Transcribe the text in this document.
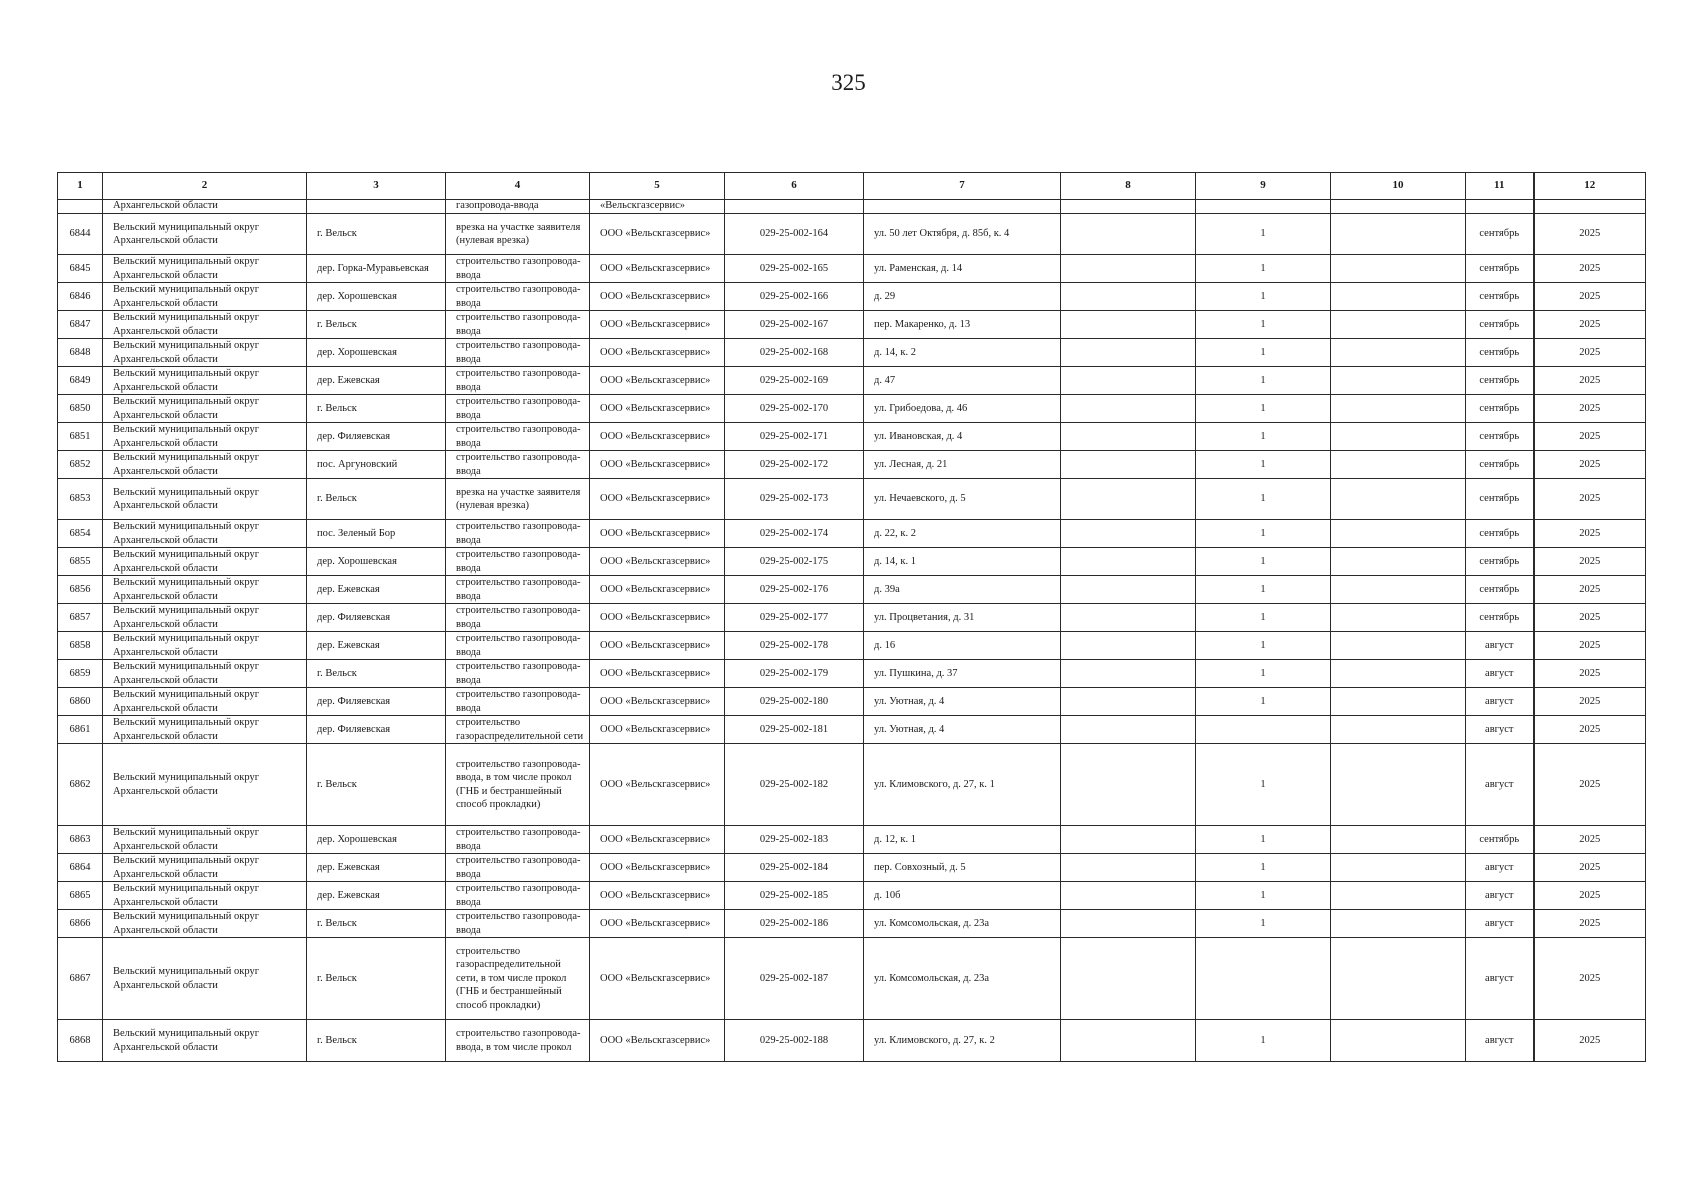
325
1	2	3	4	5	6	7	8	9	10	11	12
	Архангельской области		газопровода-ввода	«Вельскгазсервис»							
6844	Вельский муниципальный округ Архангельской области	г. Вельск	врезка на участке заявителя (нулевая врезка)	ООО «Вельскгазсервис»	029-25-002-164	ул. 50 лет Октября, д. 85б, к. 4		1		сентябрь	2025
6845	Вельский муниципальный округ Архангельской области	дер. Горка-Муравьевская	строительство газопровода-ввода	ООО «Вельскгазсервис»	029-25-002-165	ул. Раменская, д. 14		1		сентябрь	2025
6846	Вельский муниципальный округ Архангельской области	дер. Хорошевская	строительство газопровода-ввода	ООО «Вельскгазсервис»	029-25-002-166	д. 29		1		сентябрь	2025
6847	Вельский муниципальный округ Архангельской области	г. Вельск	строительство газопровода-ввода	ООО «Вельскгазсервис»	029-25-002-167	пер. Макаренко, д. 13		1		сентябрь	2025
6848	Вельский муниципальный округ Архангельской области	дер. Хорошевская	строительство газопровода-ввода	ООО «Вельскгазсервис»	029-25-002-168	д. 14, к. 2		1		сентябрь	2025
6849	Вельский муниципальный округ Архангельской области	дер. Ежевская	строительство газопровода-ввода	ООО «Вельскгазсервис»	029-25-002-169	д. 47		1		сентябрь	2025
6850	Вельский муниципальный округ Архангельской области	г. Вельск	строительство газопровода-ввода	ООО «Вельскгазсервис»	029-25-002-170	ул. Грибоедова, д. 46		1		сентябрь	2025
6851	Вельский муниципальный округ Архангельской области	дер. Филяевская	строительство газопровода-ввода	ООО «Вельскгазсервис»	029-25-002-171	ул. Ивановская, д. 4		1		сентябрь	2025
6852	Вельский муниципальный округ Архангельской области	пос. Аргуновский	строительство газопровода-ввода	ООО «Вельскгазсервис»	029-25-002-172	ул. Лесная, д. 21		1		сентябрь	2025
6853	Вельский муниципальный округ Архангельской области	г. Вельск	врезка на участке заявителя (нулевая врезка)	ООО «Вельскгазсервис»	029-25-002-173	ул. Нечаевского, д. 5		1		сентябрь	2025
6854	Вельский муниципальный округ Архангельской области	пос. Зеленый Бор	строительство газопровода-ввода	ООО «Вельскгазсервис»	029-25-002-174	д. 22, к. 2		1		сентябрь	2025
6855	Вельский муниципальный округ Архангельской области	дер. Хорошевская	строительство газопровода-ввода	ООО «Вельскгазсервис»	029-25-002-175	д. 14, к. 1		1		сентябрь	2025
6856	Вельский муниципальный округ Архангельской области	дер. Ежевская	строительство газопровода-ввода	ООО «Вельскгазсервис»	029-25-002-176	д. 39а		1		сентябрь	2025
6857	Вельский муниципальный округ Архангельской области	дер. Филяевская	строительство газопровода-ввода	ООО «Вельскгазсервис»	029-25-002-177	ул. Процветания, д. 31		1		сентябрь	2025
6858	Вельский муниципальный округ Архангельской области	дер. Ежевская	строительство газопровода-ввода	ООО «Вельскгазсервис»	029-25-002-178	д. 16		1		август	2025
6859	Вельский муниципальный округ Архангельской области	г. Вельск	строительство газопровода-ввода	ООО «Вельскгазсервис»	029-25-002-179	ул. Пушкина, д. 37		1		август	2025
6860	Вельский муниципальный округ Архангельской области	дер. Филяевская	строительство газопровода-ввода	ООО «Вельскгазсервис»	029-25-002-180	ул. Уютная, д. 4		1		август	2025
6861	Вельский муниципальный округ Архангельской области	дер. Филяевская	строительство газораспределительной сети	ООО «Вельскгазсервис»	029-25-002-181	ул. Уютная, д. 4				август	2025
6862	Вельский муниципальный округ Архангельской области	г. Вельск	строительство газопровода-ввода, в том числе прокол (ГНБ и бестраншейный способ прокладки)	ООО «Вельскгазсервис»	029-25-002-182	ул. Климовского, д. 27, к. 1		1		август	2025
6863	Вельский муниципальный округ Архангельской области	дер. Хорошевская	строительство газопровода-ввода	ООО «Вельскгазсервис»	029-25-002-183	д. 12, к. 1		1		сентябрь	2025
6864	Вельский муниципальный округ Архангельской области	дер. Ежевская	строительство газопровода-ввода	ООО «Вельскгазсервис»	029-25-002-184	пер. Совхозный, д. 5		1		август	2025
6865	Вельский муниципальный округ Архангельской области	дер. Ежевская	строительство газопровода-ввода	ООО «Вельскгазсервис»	029-25-002-185	д. 10б		1		август	2025
6866	Вельский муниципальный округ Архангельской области	г. Вельск	строительство газопровода-ввода	ООО «Вельскгазсервис»	029-25-002-186	ул. Комсомольская, д. 23а		1		август	2025
6867	Вельский муниципальный округ Архангельской области	г. Вельск	строительство газораспределительной сети, в том числе прокол (ГНБ и бестраншейный способ прокладки)	ООО «Вельскгазсервис»	029-25-002-187	ул. Комсомольская, д. 23а				август	2025
6868	Вельский муниципальный округ Архангельской области	г. Вельск	строительство газопровода-ввода, в том числе прокол	ООО «Вельскгазсервис»	029-25-002-188	ул. Климовского, д. 27, к. 2		1		август	2025
